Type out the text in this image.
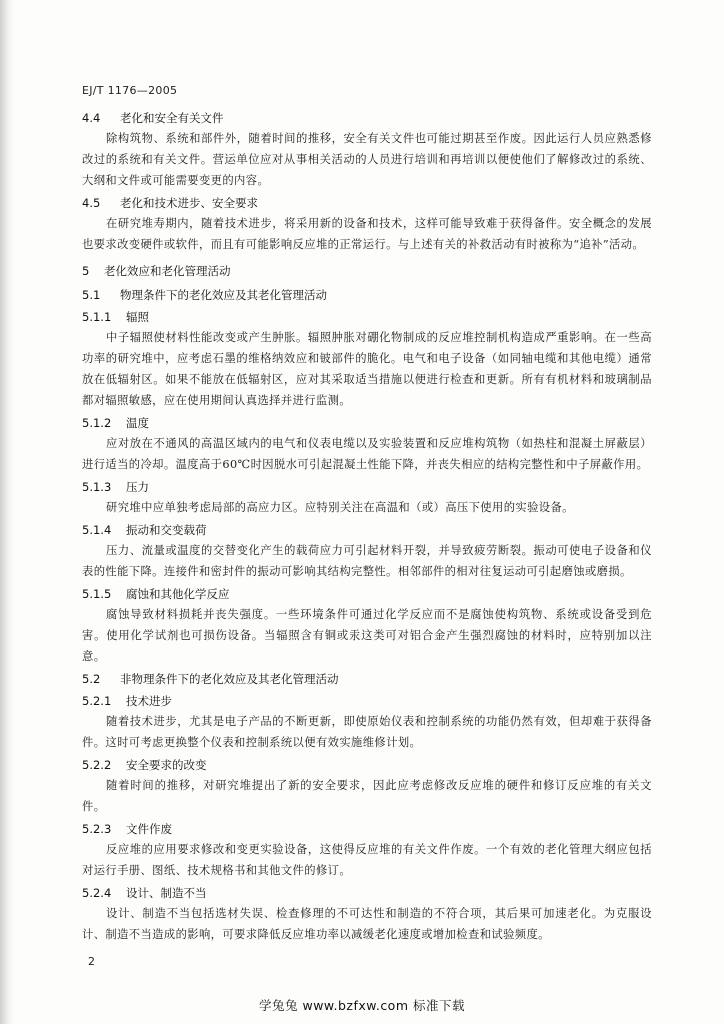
EJ/T 1176—2005
4.4 老化和安全有关文件

除构筑物、系统和部件外，随着时间的推移，安全有关文件也可能过期甚至作废。因此运行人员应熟悉修改过的系统和有关文件。营运单位应对从事相关活动的人员进行培训和再培训以便使他们了解修改过的系统、大纲和文件或可能需要变更的内容。

4.5 老化和技术进步、安全要求

在研究堆寿期内，随着技术进步，将采用新的设备和技术，这样可能导致难于获得备件。安全概念的发展也要求改变硬件或软件，而且有可能影响反应堆的正常运行。与上述有关的补救活动有时被称为“追补”活动。

5 老化效应和老化管理活动
5.1 物理条件下的老化效应及其老化管理活动
5.1.1 辐照

中子辐照使材料性能改变或产生肿胀。辐照肿胀对硼化物制成的反应堆控制机构造成严重影响。在一些高功率的研究堆中，应考虑石墨的维格纳效应和铍部件的脆化。电气和电子设备（如同轴电缆和其他电缆）通常放在低辐射区。如果不能放在低辐射区，应对其采取适当措施以便进行检查和更新。所有有机材料和玻璃制品都对辐照敏感，应在使用期间认真选择并进行监测。

5.1.2 温度

应对放在不通风的高温区域内的电气和仪表电缆以及实验装置和反应堆构筑物（如热柱和混凝土屏蔽层）进行适当的冷却。温度高于60℃时因脱水可引起混凝土性能下降，并丧失相应的结构完整性和中子屏蔽作用。

5.1.3 压力

研究堆中应单独考虑局部的高应力区。应特别关注在高温和（或）高压下使用的实验设备。

5.1.4 振动和交变载荷

压力、流量或温度的交替变化产生的载荷应力可引起材料开裂，并导致疲劳断裂。振动可使电子设备和仪表的性能下降。连接件和密封件的振动可影响其结构完整性。相邻部件的相对往复运动可引起磨蚀或磨损。

5.1.5 腐蚀和其他化学反应

腐蚀导致材料损耗并丧失强度。一些环境条件可通过化学反应而不是腐蚀使构筑物、系统或设备受到危害。使用化学试剂也可损伤设备。当辐照含有铜或汞这类可对铝合金产生强烈腐蚀的材料时，应特别加以注意。

5.2 非物理条件下的老化效应及其老化管理活动
5.2.1 技术进步

随着技术进步，尤其是电子产品的不断更新，即使原始仪表和控制系统的功能仍然有效，但却难于获得备件。这时可考虑更换整个仪表和控制系统以便有效实施维修计划。

5.2.2 安全要求的改变

随着时间的推移，对研究堆提出了新的安全要求，因此应考虑修改反应堆的硬件和修订反应堆的有关文件。

5.2.3 文件作废

反应堆的应用要求修改和变更实验设备，这使得反应堆的有关文件作废。一个有效的老化管理大纲应包括对运行手册、图纸、技术规格书和其他文件的修订。

5.2.4 设计、制造不当

设计、制造不当包括选材失误、检查修理的不可达性和制造的不符合项，其后果可加速老化。为克服设计、制造不当造成的影响，可要求降低反应堆功率以减缓老化速度或增加检查和试验频度。

2
学兔兔 www.bzfxw.com 标准下载
